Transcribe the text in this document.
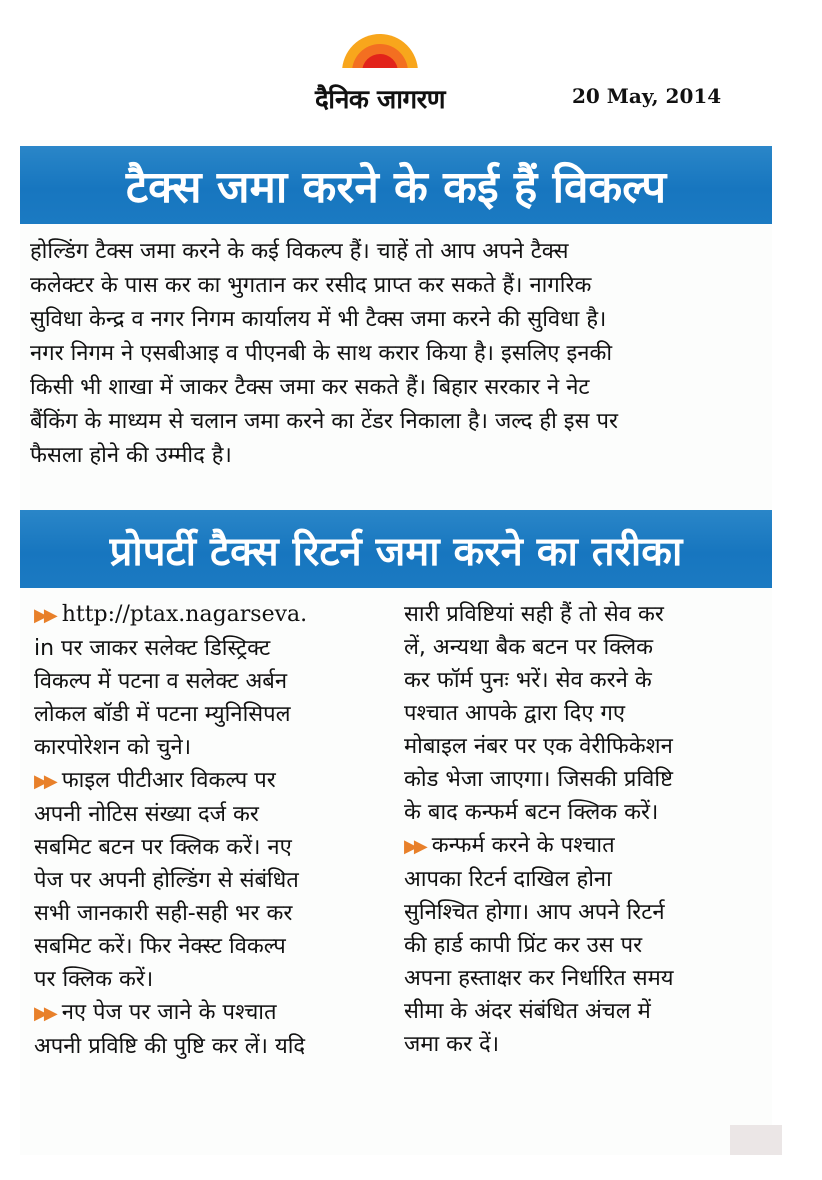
दैनिक जागरण	20 May, 2014
टैक्स जमा करने के कई हैं विकल्प
होल्डिंग टैक्स जमा करने के कई विकल्प हैं। चाहें तो आप अपने टैक्स
कलेक्टर के पास कर का भुगतान कर रसीद प्राप्त कर सकते हैं। नागरिक
सुविधा केन्द्र व नगर निगम कार्यालय में भी टैक्स जमा करने की सुविधा है।
नगर निगम ने एसबीआइ व पीएनबी के साथ करार किया है। इसलिए इनकी
किसी भी शाखा में जाकर टैक्स जमा कर सकते हैं। बिहार सरकार ने नेट
बैंकिंग के माध्यम से चलान जमा करने का टेंडर निकाला है। जल्द ही इस पर
फैसला होने की उम्मीद है।
प्रोपर्टी टैक्स रिटर्न जमा करने का तरीका
▶▶ http://ptax.nagarseva.
in पर जाकर सलेक्ट डिस्ट्रिक्ट
विकल्प में पटना व सलेक्ट अर्बन
लोकल बॉडी में पटना म्युनिसिपल
कारपोरेशन को चुने।
▶▶ फाइल पीटीआर विकल्प पर
अपनी नोटिस संख्या दर्ज कर
सबमिट बटन पर क्लिक करें। नए
पेज पर अपनी होल्डिंग से संबंधित
सभी जानकारी सही-सही भर कर
सबमिट करें। फिर नेक्स्ट विकल्प
पर क्लिक करें।
▶▶ नए पेज पर जाने के पश्चात
अपनी प्रविष्टि की पुष्टि कर लें। यदि
सारी प्रविष्टियां सही हैं तो सेव कर
लें, अन्यथा बैक बटन पर क्लिक
कर फॉर्म पुनः भरें। सेव करने के
पश्चात आपके द्वारा दिए गए
मोबाइल नंबर पर एक वेरीफिकेशन
कोड भेजा जाएगा। जिसकी प्रविष्टि
के बाद कन्फर्म बटन क्लिक करें।
▶▶ कन्फर्म करने के पश्चात
आपका रिटर्न दाखिल होना
सुनिश्चित होगा। आप अपने रिटर्न
की हार्ड कापी प्रिंट कर उस पर
अपना हस्ताक्षर कर निर्धारित समय
सीमा के अंदर संबंधित अंचल में
जमा कर दें।
